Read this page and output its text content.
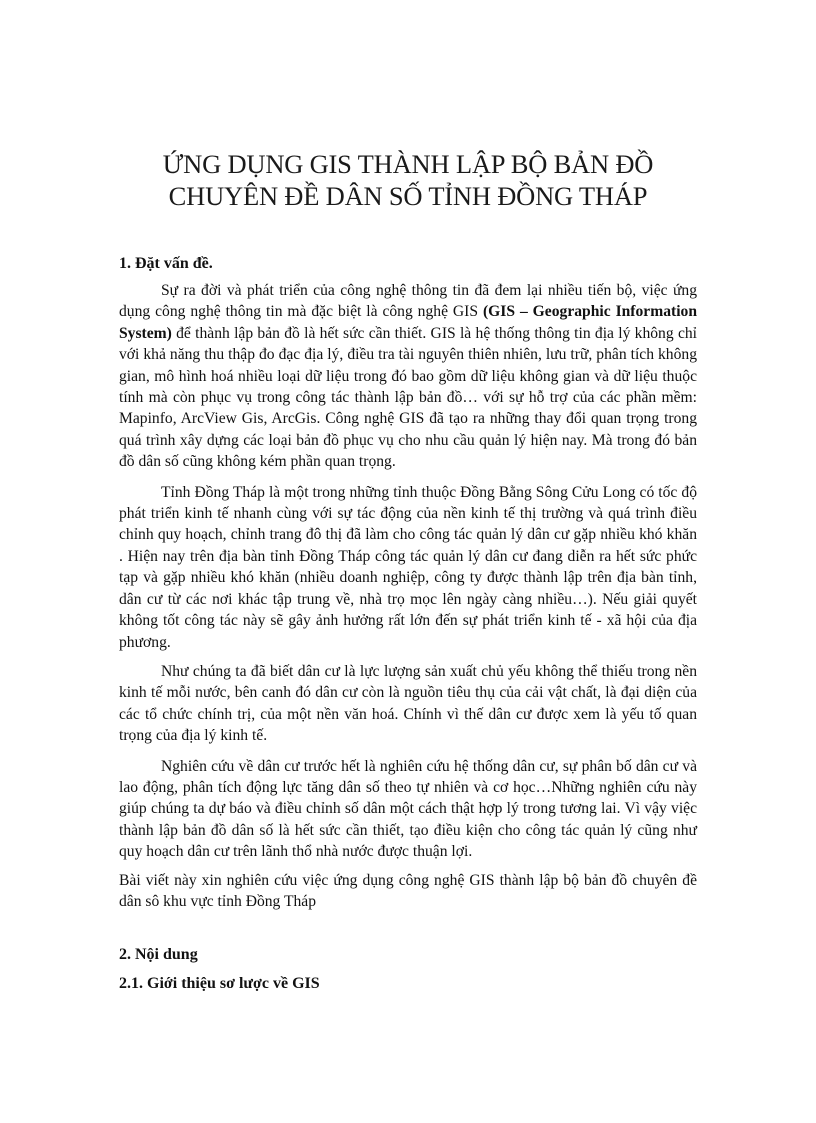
ỨNG DỤNG GIS THÀNH LẬP BỘ BẢN ĐỒ
CHUYÊN ĐỀ DÂN SỐ TỈNH ĐỒNG THÁP
1. Đặt vấn đề.

Sự ra đời và phát triển của công nghệ thông tin đã đem lại nhiều tiến bộ, việc ứng dụng công nghệ thông tin mà đặc biệt là công nghệ GIS (GIS – Geographic Information System) để thành lập bản đồ là hết sức cần thiết. GIS là hệ thống thông tin địa lý không chỉ với khả năng thu thập đo đạc địa lý, điều tra tài nguyên thiên nhiên, lưu trữ, phân tích không gian, mô hình hoá nhiều loại dữ liệu trong đó bao gồm dữ liệu không gian và dữ liệu thuộc tính mà còn phục vụ trong công tác thành lập bản đồ… với sự hỗ trợ của các phần mềm: Mapinfo, ArcView Gis, ArcGis. Công nghệ GIS đã tạo ra những thay đổi quan trọng trong quá trình xây dựng các loại bản đồ phục vụ cho nhu cầu quản lý hiện nay. Mà trong đó bản đồ dân số cũng không kém phần quan trọng.

Tỉnh Đồng Tháp là một trong những tỉnh thuộc Đồng Bằng Sông Cửu Long có tốc độ phát triển kinh tế nhanh cùng với sự tác động của nền kinh tế thị trường và quá trình điều chỉnh quy hoạch, chỉnh trang đô thị đã làm cho công tác quản lý dân cư gặp nhiều khó khăn . Hiện nay trên địa bàn tỉnh Đồng Tháp công tác quản lý dân cư đang diễn ra hết sức phức tạp và gặp nhiều khó khăn (nhiều doanh nghiệp, công ty được thành lập trên địa bàn tỉnh, dân cư từ các nơi khác tập trung về, nhà trọ mọc lên ngày càng nhiều…). Nếu giải quyết không tốt công tác này sẽ gây ảnh hưởng rất lớn đến sự phát triển kinh tế - xã hội của địa phương.

Như chúng ta đã biết dân cư là lực lượng sản xuất chủ yếu không thể thiếu trong nền kinh tế mỗi nước, bên canh đó dân cư còn là nguồn tiêu thụ của cải vật chất, là đại diện của các tổ chức chính trị, của một nền văn hoá. Chính vì thế dân cư được xem là yếu tố quan trọng của địa lý kinh tế.

Nghiên cứu về dân cư trước hết là nghiên cứu hệ thống dân cư, sự phân bố dân cư và lao động, phân tích động lực tăng dân số theo tự nhiên và cơ học…Những nghiên cứu này giúp chúng ta dự báo và điều chỉnh số dân một cách thật hợp lý trong tương lai. Vì vậy việc thành lập bản đồ dân số là hết sức cần thiết, tạo điều kiện cho công tác quản lý cũng như quy hoạch dân cư trên lãnh thổ nhà nước được thuận lợi.

Bài viết này xin nghiên cứu việc ứng dụng công nghệ GIS thành lập bộ bản đồ chuyên đề dân sô khu vực tỉnh Đồng Tháp

2. Nội dung
2.1. Giới thiệu sơ lược về GIS
